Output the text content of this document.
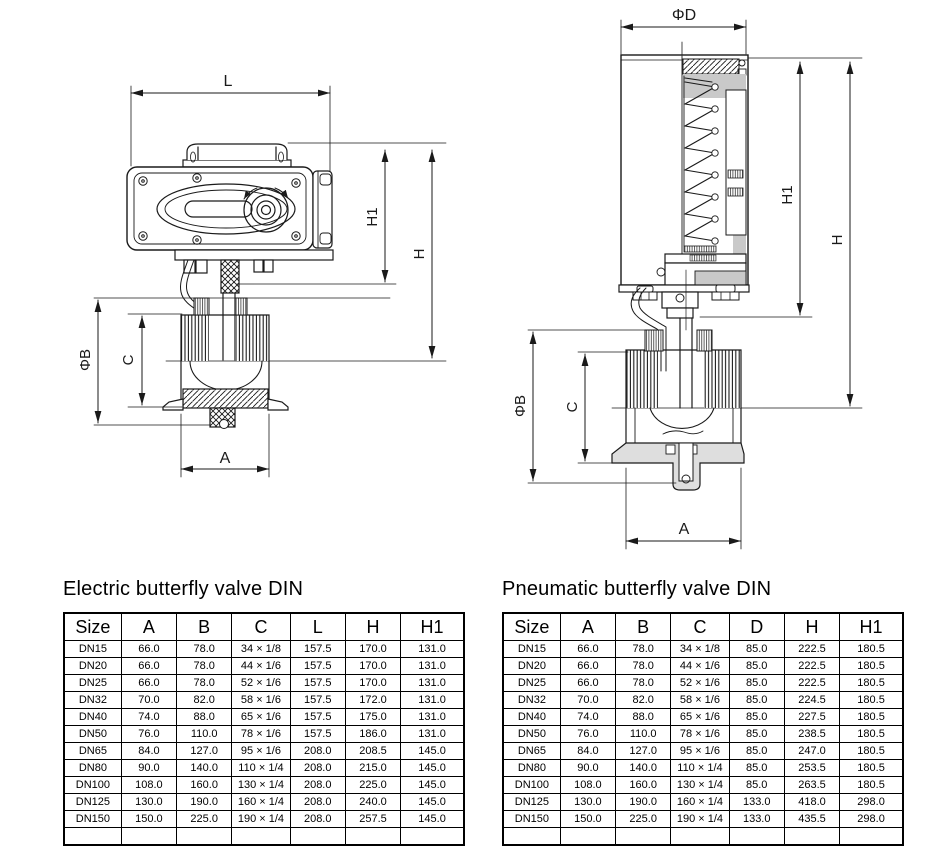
L
ΦB C
A
H1
H
ΦD
ΦB C
A
H1
H
Electric butterfly valve DIN
Size	A	B	C	L	H	H1
DN15	66.0	78.0	34 × 1/8	157.5	170.0	131.0
DN20	66.0	78.0	44 × 1/6	157.5	170.0	131.0
DN25	66.0	78.0	52 × 1/6	157.5	170.0	131.0
DN32	70.0	82.0	58 × 1/6	157.5	172.0	131.0
DN40	74.0	88.0	65 × 1/6	157.5	175.0	131.0
DN50	76.0	110.0	78 × 1/6	157.5	186.0	131.0
DN65	84.0	127.0	95 × 1/6	208.0	208.5	145.0
DN80	90.0	140.0	110 × 1/4	208.0	215.0	145.0
DN100	108.0	160.0	130 × 1/4	208.0	225.0	145.0
DN125	130.0	190.0	160 × 1/4	208.0	240.0	145.0
DN150	150.0	225.0	190 × 1/4	208.0	257.5	145.0

Pneumatic butterfly valve DIN
Size	A	B	C	D	H	H1
DN15	66.0	78.0	34 × 1/8	85.0	222.5	180.5
DN20	66.0	78.0	44 × 1/6	85.0	222.5	180.5
DN25	66.0	78.0	52 × 1/6	85.0	222.5	180.5
DN32	70.0	82.0	58 × 1/6	85.0	224.5	180.5
DN40	74.0	88.0	65 × 1/6	85.0	227.5	180.5
DN50	76.0	110.0	78 × 1/6	85.0	238.5	180.5
DN65	84.0	127.0	95 × 1/6	85.0	247.0	180.5
DN80	90.0	140.0	110 × 1/4	85.0	253.5	180.5
DN100	108.0	160.0	130 × 1/4	85.0	263.5	180.5
DN125	130.0	190.0	160 × 1/4	133.0	418.0	298.0
DN150	150.0	225.0	190 × 1/4	133.0	435.5	298.0
